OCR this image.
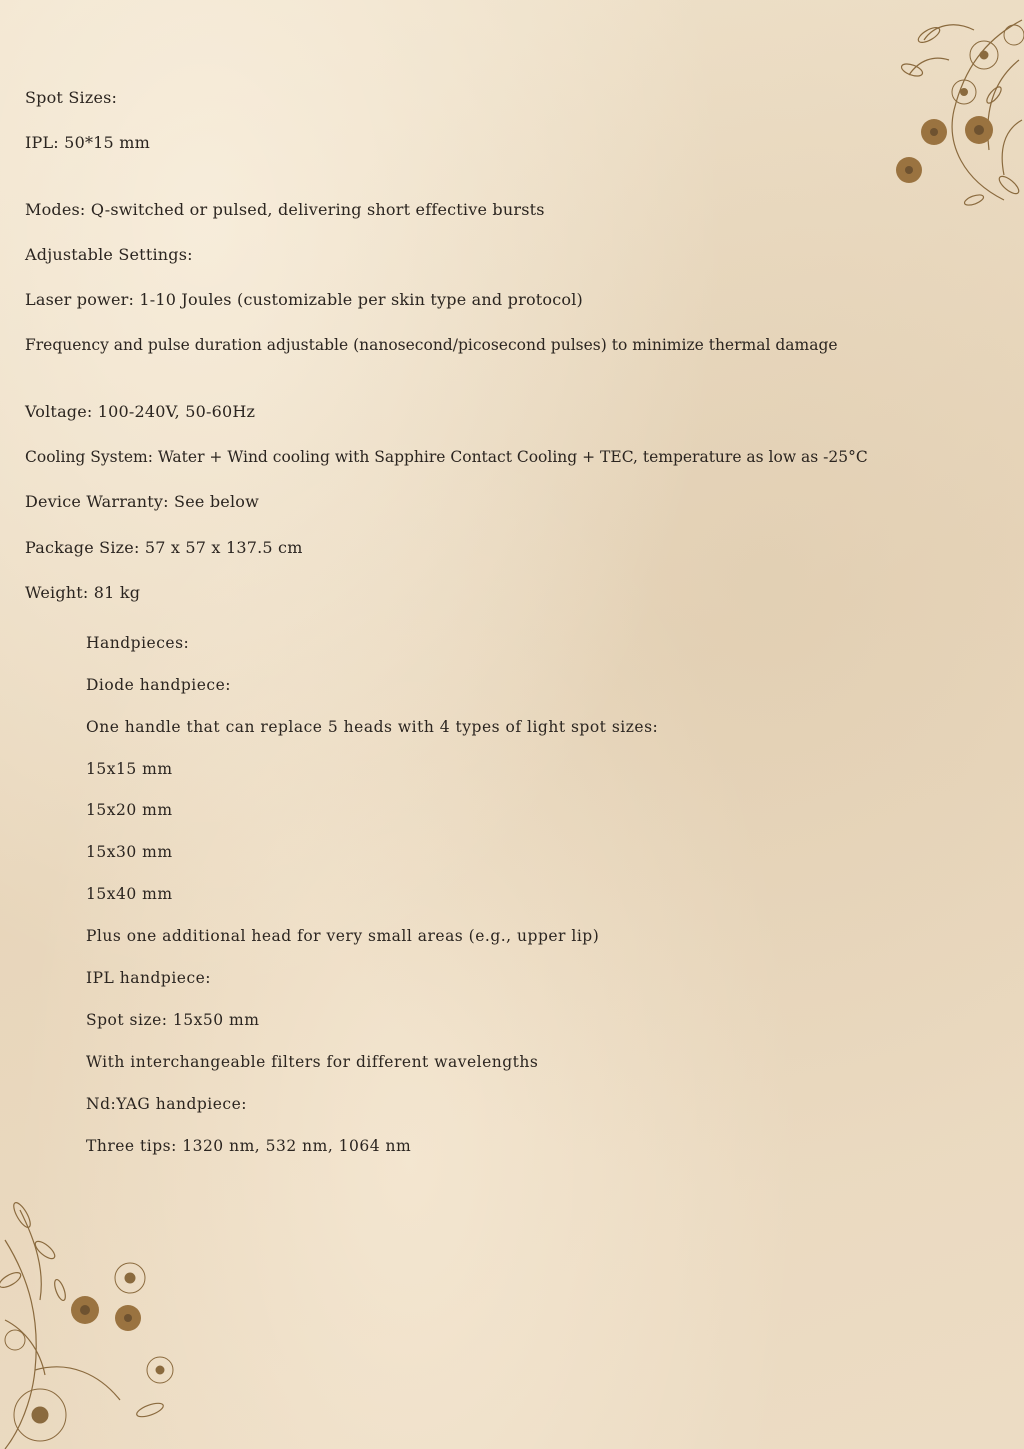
Spot Sizes:

IPL: 50*15 mm

Modes: Q-switched or pulsed, delivering short effective bursts

Adjustable Settings:

Laser power: 1-10 Joules (customizable per skin type and protocol)

Frequency and pulse duration adjustable (nanosecond/picosecond pulses) to minimize thermal damage

Voltage: 100-240V, 50-60Hz

Cooling System: Water + Wind cooling with Sapphire Contact Cooling + TEC, temperature as low as -25°C

Device Warranty: See below

Package Size: 57 x 57 x 137.5 cm

Weight: 81 kg

Handpieces:

Diode handpiece:

One handle that can replace 5 heads with 4 types of light spot sizes:

15x15 mm

15x20 mm

15x30 mm

15x40 mm

Plus one additional head for very small areas (e.g., upper lip)

IPL handpiece:

Spot size: 15x50 mm

With interchangeable filters for different wavelengths

Nd:YAG handpiece:

Three tips: 1320 nm, 532 nm, 1064 nm
